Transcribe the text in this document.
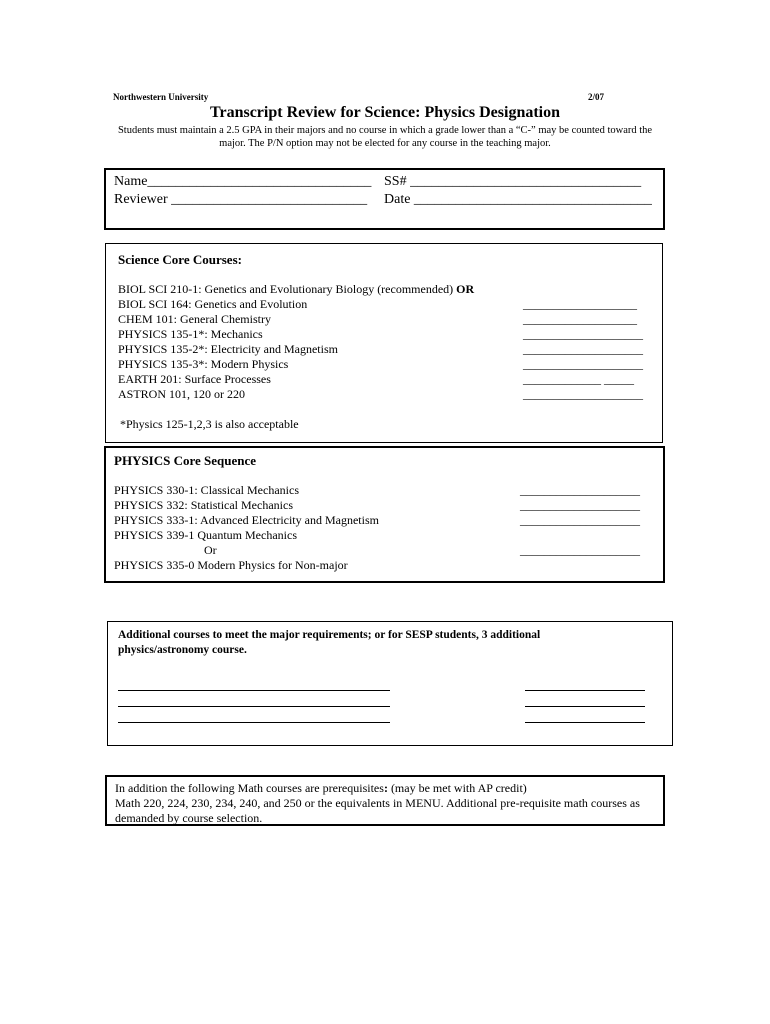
Northwestern University	2/07
Transcript Review for Science: Physics Designation
Students must maintain a 2.5 GPA in their majors and no course in which a grade lower than a “C-” may be counted toward the major. The P/N option may not be elected for any course in the teaching major.
Name________________________________ SS# _________________________________
Reviewer ____________________________ Date __________________________________
Science Core Courses:
BIOL SCI 210-1: Genetics and Evolutionary Biology (recommended) OR
BIOL SCI 164: Genetics and Evolution
CHEM 101: General Chemistry
PHYSICS 135-1*: Mechanics
PHYSICS 135-2*: Electricity and Magnetism
PHYSICS 135-3*: Modern Physics
EARTH 201: Surface Processes
ASTRON 101, 120 or 220
___________________
___________________
____________________
____________________
____________________
_____________ _____
____________________
*Physics 125-1,2,3 is also acceptable
PHYSICS Core Sequence
PHYSICS 330-1: Classical Mechanics
PHYSICS 332: Statistical Mechanics
PHYSICS 333-1: Advanced Electricity and Magnetism
PHYSICS 339-1 Quantum Mechanics
Or
PHYSICS 335-0 Modern Physics for Non-major
____________________
____________________
____________________
____________________
Additional courses to meet the major requirements; or for SESP students, 3 additional physics/astronomy course.
In addition the following Math courses are prerequisites: (may be met with AP credit)
Math 220, 224, 230, 234, 240, and 250 or the equivalents in MENU. Additional pre-requisite math courses as demanded by course selection.
